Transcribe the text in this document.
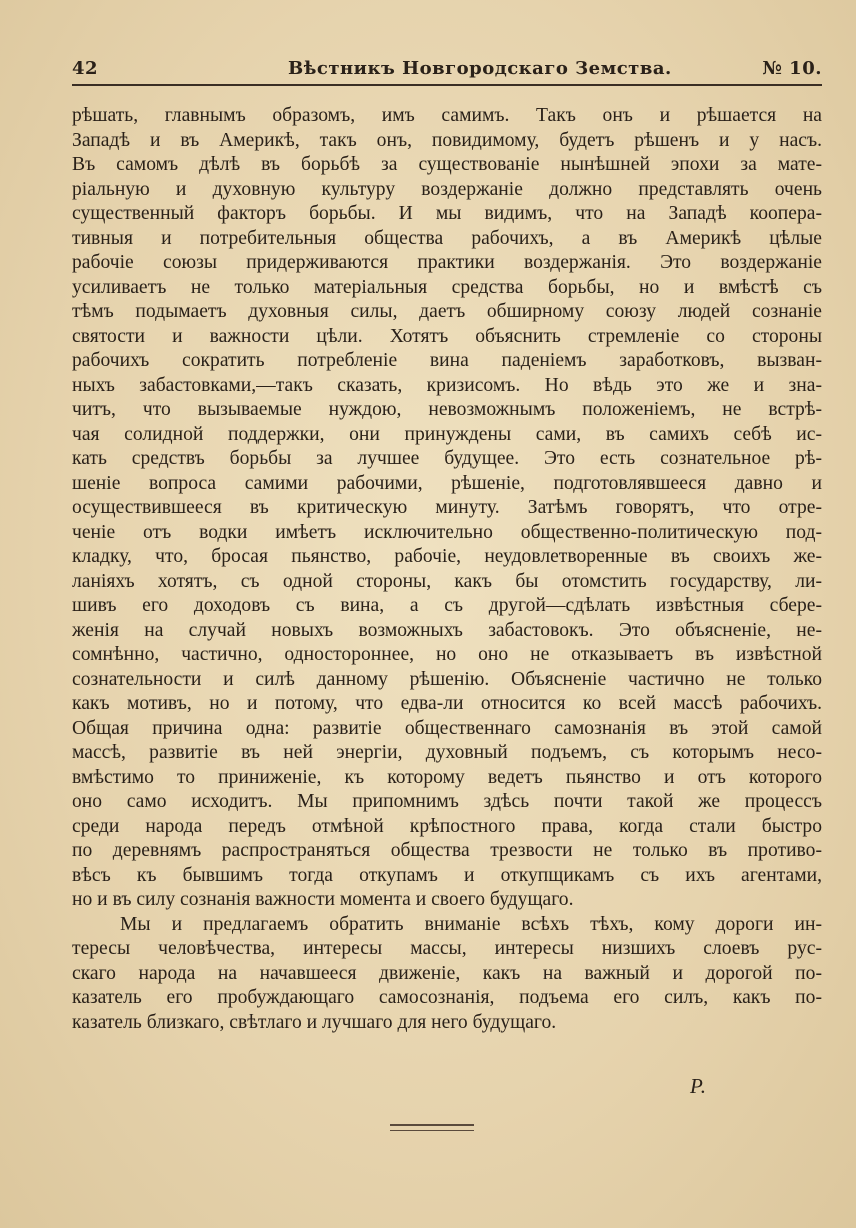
42	Вѣстникъ Новгородскаго Земства.	№ 10.
рѣшать, главнымъ образомъ, имъ самимъ. Такъ онъ и рѣшается на
Западѣ и въ Америкѣ, такъ онъ, повидимому, будетъ рѣшенъ и у насъ.
Въ самомъ дѣлѣ въ борьбѣ за существованіе нынѣшней эпохи за мате-
ріальную и духовную культуру воздержаніе должно представлять очень
существенный факторъ борьбы. И мы видимъ, что на Западѣ коопера-
тивныя и потребительныя общества рабочихъ, а въ Америкѣ цѣлые
рабочіе союзы придерживаются практики воздержанія. Это воздержаніе
усиливаетъ не только матеріальныя средства борьбы, но и вмѣстѣ съ
тѣмъ подымаетъ духовныя силы, даетъ обширному союзу людей сознаніе
святости и важности цѣли. Хотятъ объяснить стремленіе со стороны
рабочихъ сократить потребленіе вина паденіемъ заработковъ, вызван-
ныхъ забастовками,—такъ сказать, кризисомъ. Но вѣдь это же и зна-
читъ, что вызываемые нуждою, невозможнымъ положеніемъ, не встрѣ-
чая солидной поддержки, они принуждены сами, въ самихъ себѣ ис-
кать средствъ борьбы за лучшее будущее. Это есть сознательное рѣ-
шеніе вопроса самими рабочими, рѣшеніе, подготовлявшееся давно и
осуществившееся въ критическую минуту. Затѣмъ говорятъ, что отре-
ченіе отъ водки имѣетъ исключительно общественно-политическую под-
кладку, что, бросая пьянство, рабочіе, неудовлетворенные въ своихъ же-
ланіяхъ хотятъ, съ одной стороны, какъ бы отомстить государству, ли-
шивъ его доходовъ съ вина, а съ другой—сдѣлать извѣстныя сбере-
женія на случай новыхъ возможныхъ забастовокъ. Это объясненіе, не-
сомнѣнно, частично, одностороннее, но оно не отказываетъ въ извѣстной
сознательности и силѣ данному рѣшенію. Объясненіе частично не только
какъ мотивъ, но и потому, что едва-ли относится ко всей массѣ рабочихъ.
Общая причина одна: развитіе общественнаго самознанія въ этой самой
массѣ, развитіе въ ней энергіи, духовный подъемъ, съ которымъ несо-
вмѣстимо то приниженіе, къ которому ведетъ пьянство и отъ которого
оно само исходитъ. Мы припомнимъ здѣсь почти такой же процессъ
среди народа передъ отмѣной крѣпостного права, когда стали быстро
по деревнямъ распространяться общества трезвости не только въ противо-
вѣсъ къ бывшимъ тогда откупамъ и откупщикамъ съ ихъ агентами,
но и въ силу сознанія важности момента и своего будущаго.
Мы и предлагаемъ обратить вниманіе всѣхъ тѣхъ, кому дороги ин-
тересы человѣчества, интересы массы, интересы низшихъ слоевъ рус-
скаго народа на начавшееся движеніе, какъ на важный и дорогой по-
казатель его пробуждающаго самосознанія, подъема его силъ, какъ по-
казатель близкаго, свѣтлаго и лучшаго для него будущаго.
Р.
